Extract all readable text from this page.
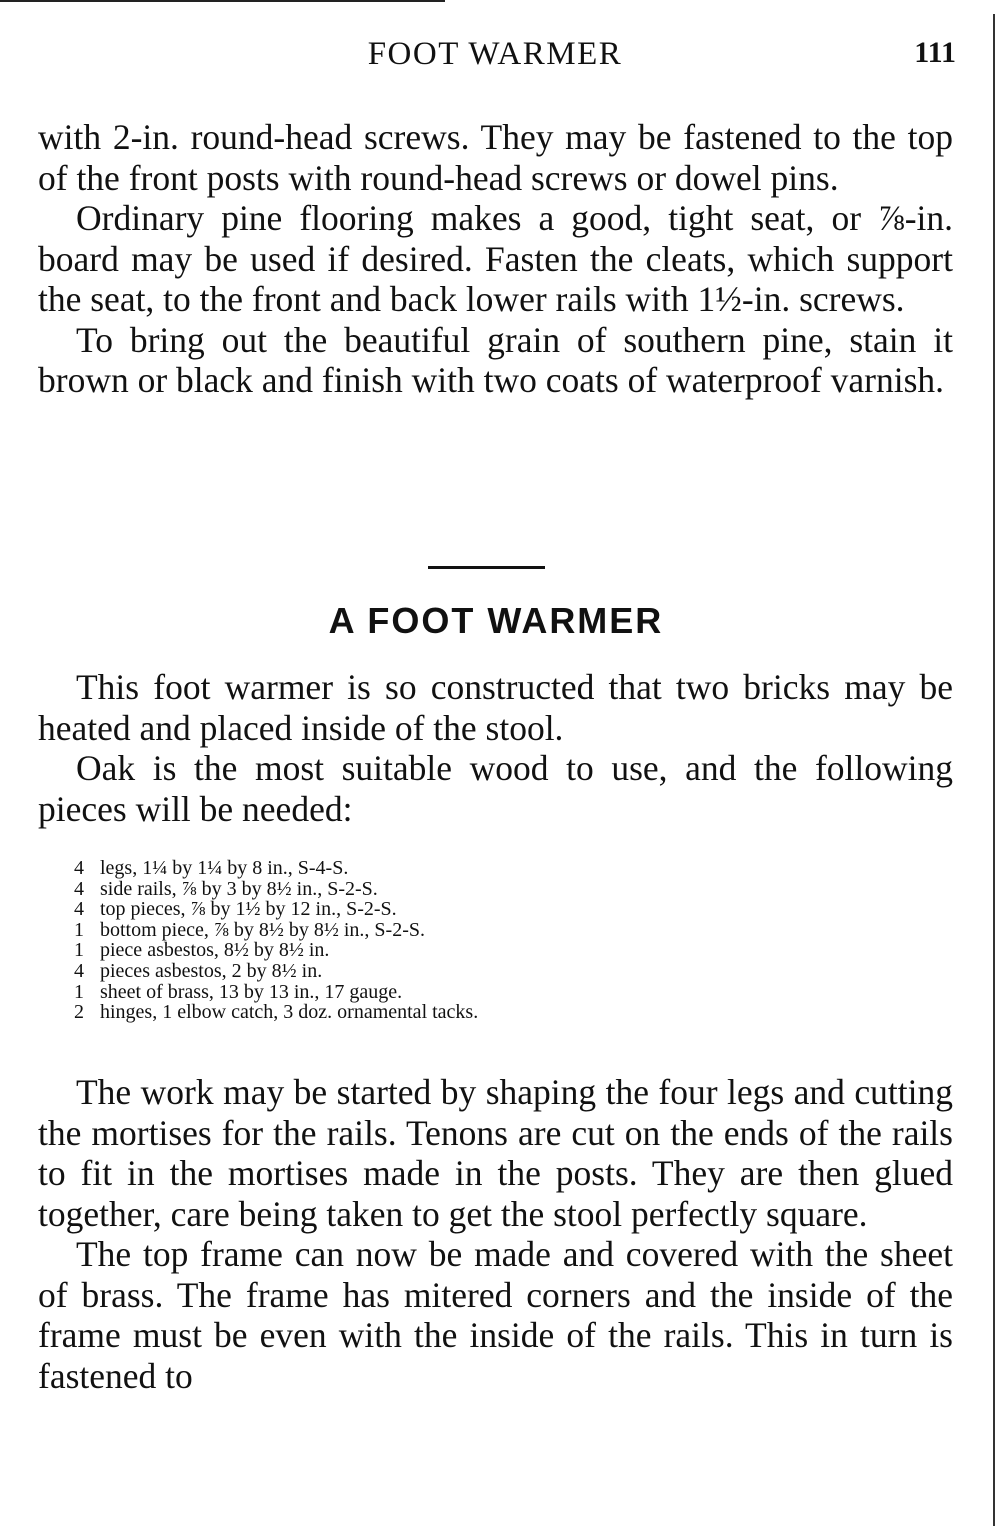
FOOT WARMER	111

with 2-in. round-head screws. They may be fastened to the top of the front posts with round-head screws or dowel pins.

Ordinary pine flooring makes a good, tight seat, or ⅞-in. board may be used if desired. Fasten the cleats, which support the seat, to the front and back lower rails with 1½-in. screws.

To bring out the beautiful grain of southern pine, stain it brown or black and finish with two coats of waterproof varnish.

A FOOT WARMER

This foot warmer is so constructed that two bricks may be heated and placed inside of the stool.

Oak is the most suitable wood to use, and the following pieces will be needed:

4 legs, 1¼ by 1¼ by 8 in., S-4-S.
4 side rails, ⅞ by 3 by 8½ in., S-2-S.
4 top pieces, ⅞ by 1½ by 12 in., S-2-S.
1 bottom piece, ⅞ by 8½ by 8½ in., S-2-S.
1 piece asbestos, 8½ by 8½ in.
4 pieces asbestos, 2 by 8½ in.
1 sheet of brass, 13 by 13 in., 17 gauge.
2 hinges, 1 elbow catch, 3 doz. ornamental tacks.

The work may be started by shaping the four legs and cutting the mortises for the rails. Tenons are cut on the ends of the rails to fit in the mortises made in the posts. They are then glued together, care being taken to get the stool perfectly square.

The top frame can now be made and covered with the sheet of brass. The frame has mitered corners and the inside of the frame must be even with the inside of the rails. This in turn is fastened to
